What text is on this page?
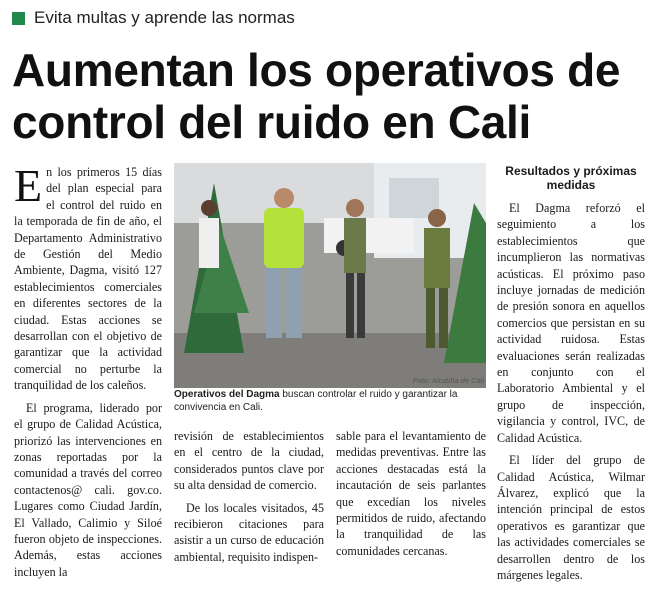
Evita multas y aprende las normas
Aumentan los operativos de control del ruido en Cali

En los primeros 15 días del plan especial para el control del ruido en la temporada de fin de año, el Departamento Administrativo de Gestión del Medio Ambiente, Dagma, visitó 127 establecimientos comerciales en diferentes sectores de la ciudad. Estas acciones se desarrollan con el objetivo de garantizar que la actividad comercial no perturbe la tranquilidad de los caleños.

El programa, liderado por el grupo de Calidad Acústica, priorizó las intervenciones en zonas reportadas por la comunidad a través del correo contactenos@ cali. gov.co. Lugares como Ciudad Jardín, El Vallado, Calimio y Siloé fueron objeto de inspecciones. Además, estas acciones incluyen la

Foto: Alcaldía de Cali
Operativos del Dagma buscan controlar el ruido y garantizar la convivencia en Cali.

revisión de establecimientos en el centro de la ciudad, considerados puntos clave por su alta densidad de comercio.

De los locales visitados, 45 recibieron citaciones para asistir a un curso de educación ambiental, requisito indispen-

sable para el levantamiento de medidas preventivas. Entre las acciones destacadas está la incautación de seis parlantes que excedían los niveles permitidos de ruido, afectando la tranquilidad de las comunidades cercanas.

Resultados y próximas medidas

El Dagma reforzó el seguimiento a los establecimientos que incumplieron las normativas acústicas. El próximo paso incluye jornadas de medición de presión sonora en aquellos comercios que persistan en su actividad ruidosa. Estas evaluaciones serán realizadas en conjunto con el Laboratorio Ambiental y el grupo de inspección, vigilancia y control, IVC, de Calidad Acústica.

El líder del grupo de Calidad Acústica, Wilmar Álvarez, explicó que la intención principal de estos operativos es garantizar que las actividades comerciales se desarrollen dentro de los márgenes legales.
